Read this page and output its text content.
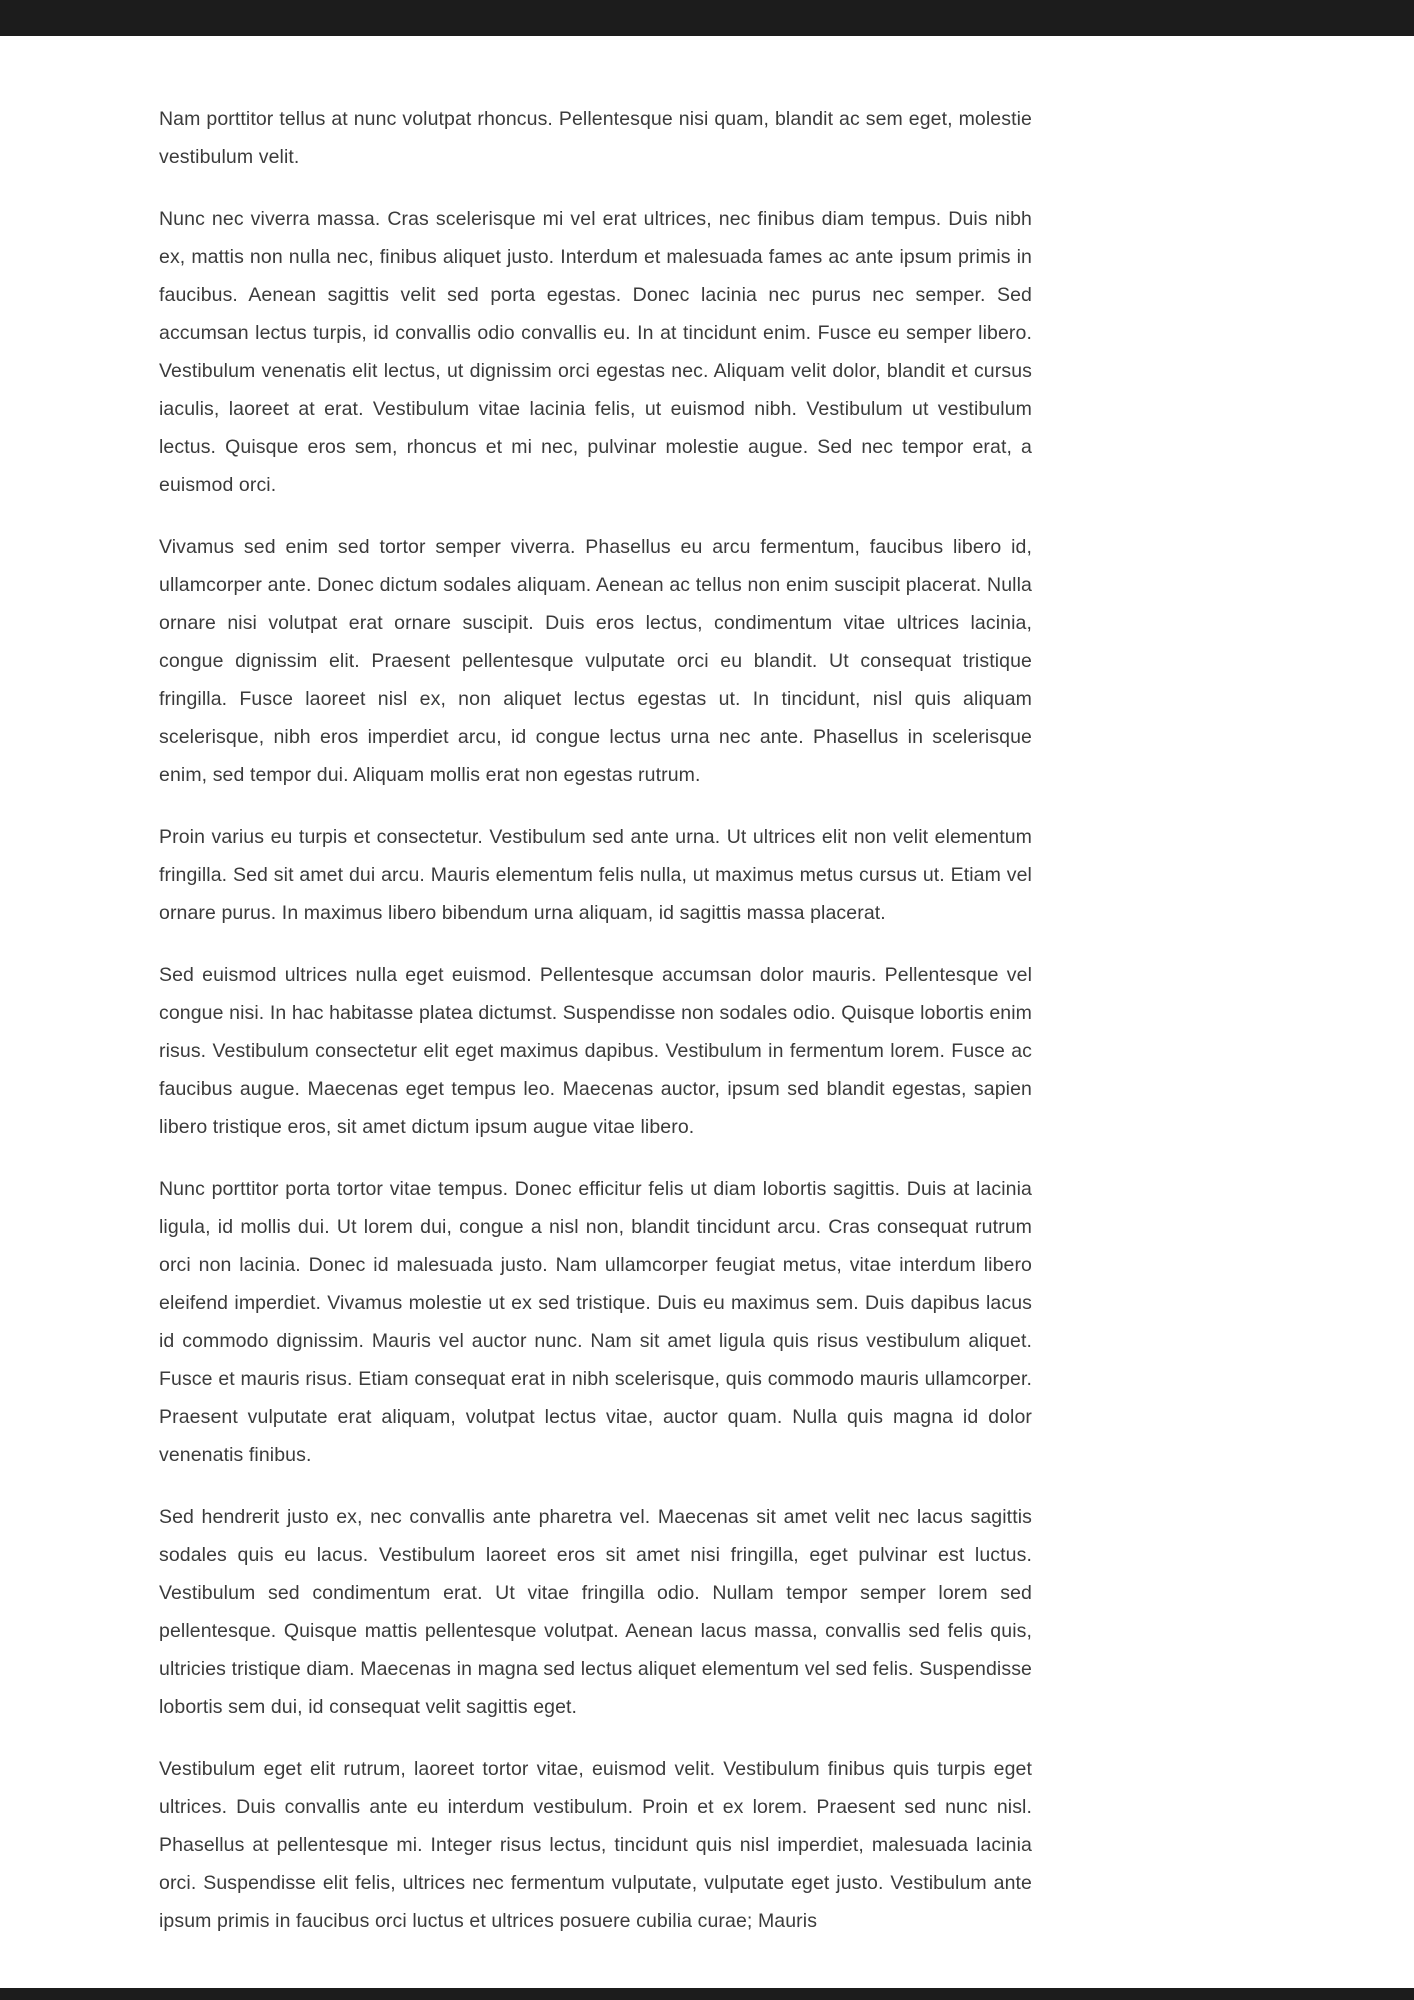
Nam porttitor tellus at nunc volutpat rhoncus. Pellentesque nisi quam, blandit ac sem eget, molestie vestibulum velit.

Nunc nec viverra massa. Cras scelerisque mi vel erat ultrices, nec finibus diam tempus. Duis nibh ex, mattis non nulla nec, finibus aliquet justo. Interdum et malesuada fames ac ante ipsum primis in faucibus. Aenean sagittis velit sed porta egestas. Donec lacinia nec purus nec semper. Sed accumsan lectus turpis, id convallis odio convallis eu. In at tincidunt enim. Fusce eu semper libero. Vestibulum venenatis elit lectus, ut dignissim orci egestas nec. Aliquam velit dolor, blandit et cursus iaculis, laoreet at erat. Vestibulum vitae lacinia felis, ut euismod nibh. Vestibulum ut vestibulum lectus. Quisque eros sem, rhoncus et mi nec, pulvinar molestie augue. Sed nec tempor erat, a euismod orci.

Vivamus sed enim sed tortor semper viverra. Phasellus eu arcu fermentum, faucibus libero id, ullamcorper ante. Donec dictum sodales aliquam. Aenean ac tellus non enim suscipit placerat. Nulla ornare nisi volutpat erat ornare suscipit. Duis eros lectus, condimentum vitae ultrices lacinia, congue dignissim elit. Praesent pellentesque vulputate orci eu blandit. Ut consequat tristique fringilla. Fusce laoreet nisl ex, non aliquet lectus egestas ut. In tincidunt, nisl quis aliquam scelerisque, nibh eros imperdiet arcu, id congue lectus urna nec ante. Phasellus in scelerisque enim, sed tempor dui. Aliquam mollis erat non egestas rutrum.

Proin varius eu turpis et consectetur. Vestibulum sed ante urna. Ut ultrices elit non velit elementum fringilla. Sed sit amet dui arcu. Mauris elementum felis nulla, ut maximus metus cursus ut. Etiam vel ornare purus. In maximus libero bibendum urna aliquam, id sagittis massa placerat.

Sed euismod ultrices nulla eget euismod. Pellentesque accumsan dolor mauris. Pellentesque vel congue nisi. In hac habitasse platea dictumst. Suspendisse non sodales odio. Quisque lobortis enim risus. Vestibulum consectetur elit eget maximus dapibus. Vestibulum in fermentum lorem. Fusce ac faucibus augue. Maecenas eget tempus leo. Maecenas auctor, ipsum sed blandit egestas, sapien libero tristique eros, sit amet dictum ipsum augue vitae libero.

Nunc porttitor porta tortor vitae tempus. Donec efficitur felis ut diam lobortis sagittis. Duis at lacinia ligula, id mollis dui. Ut lorem dui, congue a nisl non, blandit tincidunt arcu. Cras consequat rutrum orci non lacinia. Donec id malesuada justo. Nam ullamcorper feugiat metus, vitae interdum libero eleifend imperdiet. Vivamus molestie ut ex sed tristique. Duis eu maximus sem. Duis dapibus lacus id commodo dignissim. Mauris vel auctor nunc. Nam sit amet ligula quis risus vestibulum aliquet. Fusce et mauris risus. Etiam consequat erat in nibh scelerisque, quis commodo mauris ullamcorper. Praesent vulputate erat aliquam, volutpat lectus vitae, auctor quam. Nulla quis magna id dolor venenatis finibus.

Sed hendrerit justo ex, nec convallis ante pharetra vel. Maecenas sit amet velit nec lacus sagittis sodales quis eu lacus. Vestibulum laoreet eros sit amet nisi fringilla, eget pulvinar est luctus. Vestibulum sed condimentum erat. Ut vitae fringilla odio. Nullam tempor semper lorem sed pellentesque. Quisque mattis pellentesque volutpat. Aenean lacus massa, convallis sed felis quis, ultricies tristique diam. Maecenas in magna sed lectus aliquet elementum vel sed felis. Suspendisse lobortis sem dui, id consequat velit sagittis eget.

Vestibulum eget elit rutrum, laoreet tortor vitae, euismod velit. Vestibulum finibus quis turpis eget ultrices. Duis convallis ante eu interdum vestibulum. Proin et ex lorem. Praesent sed nunc nisl. Phasellus at pellentesque mi. Integer risus lectus, tincidunt quis nisl imperdiet, malesuada lacinia orci. Suspendisse elit felis, ultrices nec fermentum vulputate, vulputate eget justo. Vestibulum ante ipsum primis in faucibus orci luctus et ultrices posuere cubilia curae; Mauris
